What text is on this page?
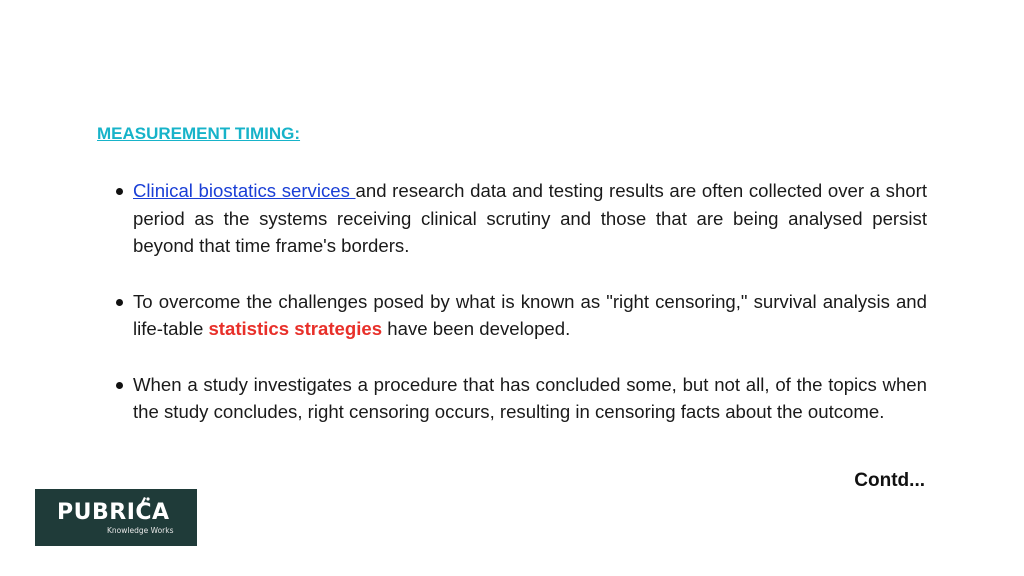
MEASUREMENT TIMING:
Clinical biostatics services and research data and testing results are often collected over a short period as the systems receiving clinical scrutiny and those that are being analysed persist beyond that time frame's borders.
To overcome the challenges posed by what is known as "right censoring," survival analysis and life-table statistics strategies have been developed.
When a study investigates a procedure that has concluded some, but not all, of the topics when the study concludes, right censoring occurs, resulting in censoring facts about the outcome.
Contd...
PUBRICA
Knowledge Works
